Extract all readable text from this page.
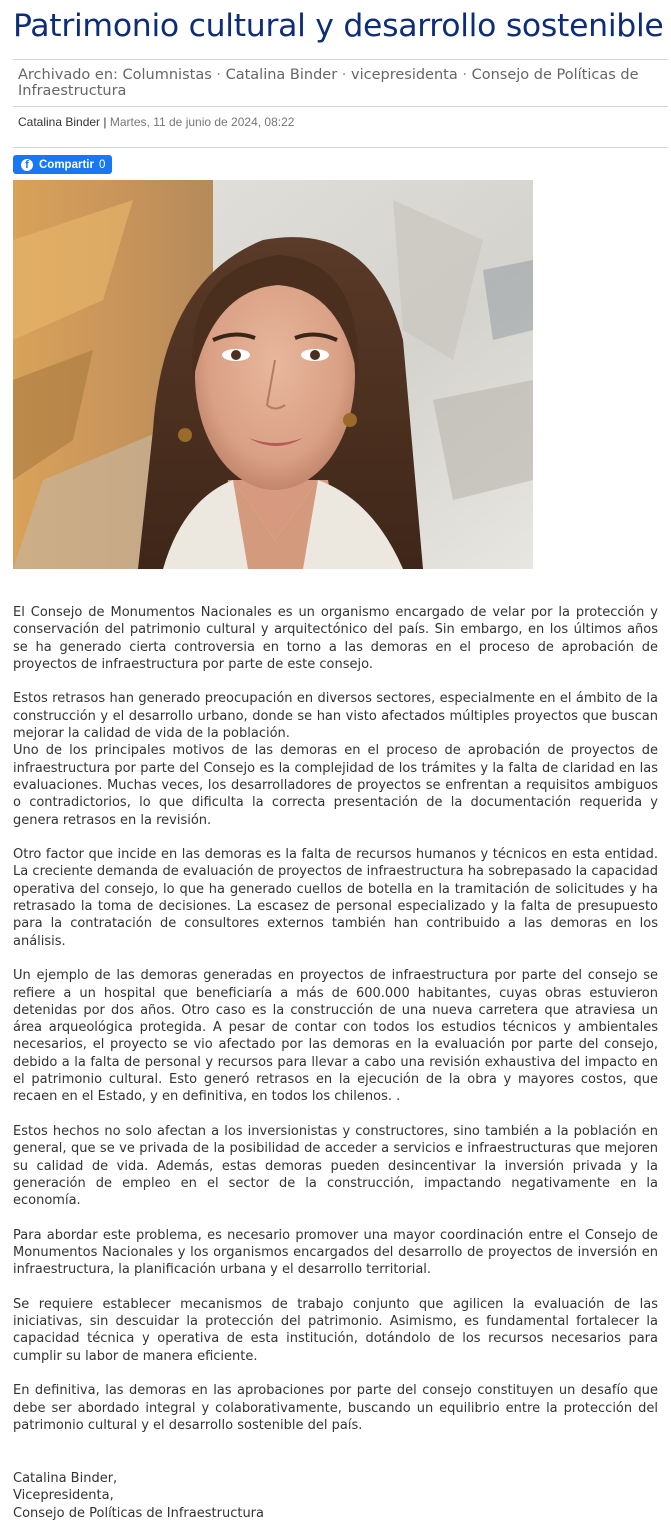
Patrimonio cultural y desarrollo sostenible
Archivado en: Columnistas · Catalina Binder · vicepresidenta · Consejo de Políticas de Infraestructura
Catalina Binder | Martes, 11 de junio de 2024, 08:22
f Compartir 0

El Consejo de Monumentos Nacionales es un organismo encargado de velar por la protección y conservación del patrimonio cultural y arquitectónico del país. Sin embargo, en los últimos años se ha generado cierta controversia en torno a las demoras en el proceso de aprobación de proyectos de infraestructura por parte de este consejo.

Estos retrasos han generado preocupación en diversos sectores, especialmente en el ámbito de la construcción y el desarrollo urbano, donde se han visto afectados múltiples proyectos que buscan mejorar la calidad de vida de la población.

Uno de los principales motivos de las demoras en el proceso de aprobación de proyectos de infraestructura por parte del Consejo es la complejidad de los trámites y la falta de claridad en las evaluaciones. Muchas veces, los desarrolladores de proyectos se enfrentan a requisitos ambiguos o contradictorios, lo que dificulta la correcta presentación de la documentación requerida y genera retrasos en la revisión.

Otro factor que incide en las demoras es la falta de recursos humanos y técnicos en esta entidad. La creciente demanda de evaluación de proyectos de infraestructura ha sobrepasado la capacidad operativa del consejo, lo que ha generado cuellos de botella en la tramitación de solicitudes y ha retrasado la toma de decisiones. La escasez de personal especializado y la falta de presupuesto para la contratación de consultores externos también han contribuido a las demoras en los análisis.

Un ejemplo de las demoras generadas en proyectos de infraestructura por parte del consejo se refiere a un hospital que beneficiaría a más de 600.000 habitantes, cuyas obras estuvieron detenidas por dos años. Otro caso es la construcción de una nueva carretera que atraviesa un área arqueológica protegida. A pesar de contar con todos los estudios técnicos y ambientales necesarios, el proyecto se vio afectado por las demoras en la evaluación por parte del consejo, debido a la falta de personal y recursos para llevar a cabo una revisión exhaustiva del impacto en el patrimonio cultural. Esto generó retrasos en la ejecución de la obra y mayores costos, que recaen en el Estado, y en definitiva, en todos los chilenos. .

Estos hechos no solo afectan a los inversionistas y constructores, sino también a la población en general, que se ve privada de la posibilidad de acceder a servicios e infraestructuras que mejoren su calidad de vida. Además, estas demoras pueden desincentivar la inversión privada y la generación de empleo en el sector de la construcción, impactando negativamente en la economía.

Para abordar este problema, es necesario promover una mayor coordinación entre el Consejo de Monumentos Nacionales y los organismos encargados del desarrollo de proyectos de inversión en infraestructura, la planificación urbana y el desarrollo territorial.

Se requiere establecer mecanismos de trabajo conjunto que agilicen la evaluación de las iniciativas, sin descuidar la protección del patrimonio. Asimismo, es fundamental fortalecer la capacidad técnica y operativa de esta institución, dotándolo de los recursos necesarios para cumplir su labor de manera eficiente.

En definitiva, las demoras en las aprobaciones por parte del consejo constituyen un desafío que debe ser abordado integral y colaborativamente, buscando un equilibrio entre la protección del patrimonio cultural y el desarrollo sostenible del país.

Catalina Binder,
Vicepresidenta,
Consejo de Políticas de Infraestructura
